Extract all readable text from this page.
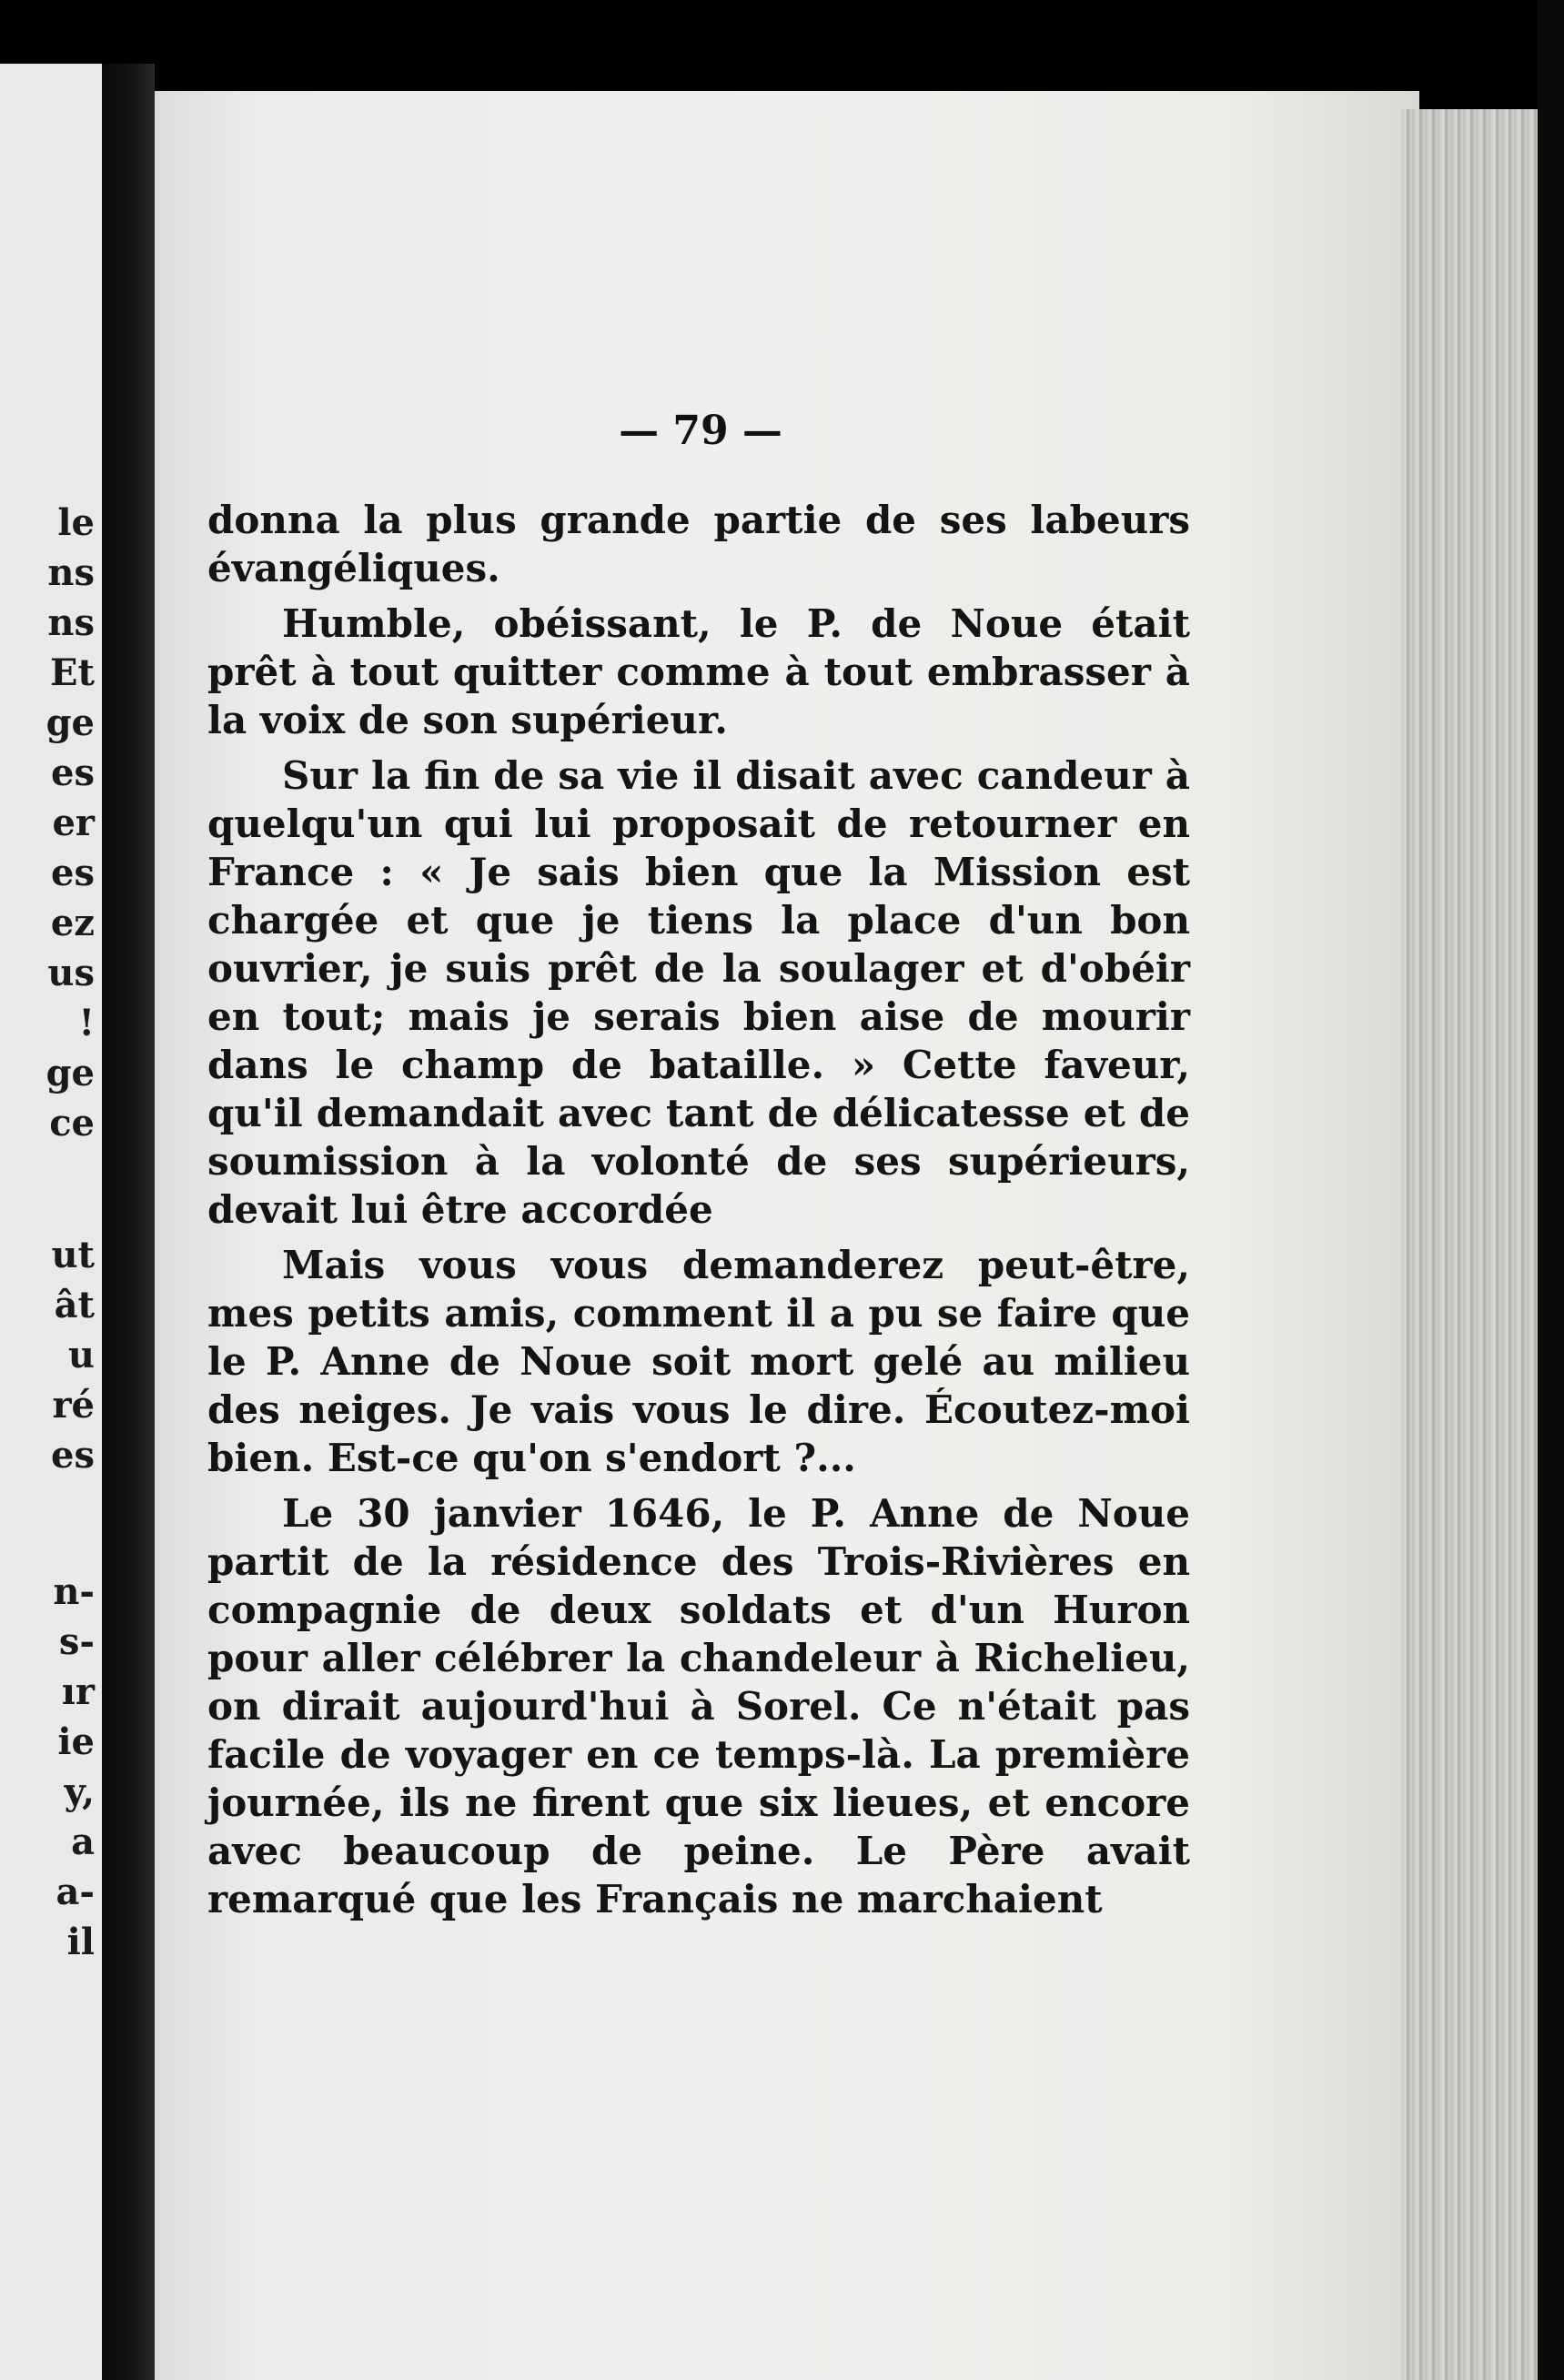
le
ns
ns
Et
ge
es
er
es
ez
us
!
ge
ce
ut
ât
u
ré
es
n-
s-
ır
ie
y,
a
a-
il
— 79 —

donna la plus grande partie de ses labeurs évangéliques.

Humble, obéissant, le P. de Noue était prêt à tout quitter comme à tout embrasser à la voix de son supérieur.

Sur la fin de sa vie il disait avec candeur à quelqu'un qui lui proposait de retourner en France : « Je sais bien que la Mission est chargée et que je tiens la place d'un bon ouvrier, je suis prêt de la soulager et d'obéir en tout; mais je serais bien aise de mourir dans le champ de bataille. » Cette faveur, qu'il demandait avec tant de délicatesse et de soumission à la volonté de ses supérieurs, devait lui être accordée

Mais vous vous demanderez peut-être, mes petits amis, comment il a pu se faire que le P. Anne de Noue soit mort gelé au milieu des neiges. Je vais vous le dire. Écoutez-moi bien. Est-ce qu'on s'endort ?...

Le 30 janvier 1646, le P. Anne de Noue partit de la résidence des Trois-Rivières en compagnie de deux soldats et d'un Huron pour aller célébrer la chandeleur à Richelieu, on dirait aujourd'hui à Sorel. Ce n'était pas facile de voyager en ce temps-là. La première journée, ils ne firent que six lieues, et encore avec beaucoup de peine. Le Père avait remarqué que les Français ne marchaient
